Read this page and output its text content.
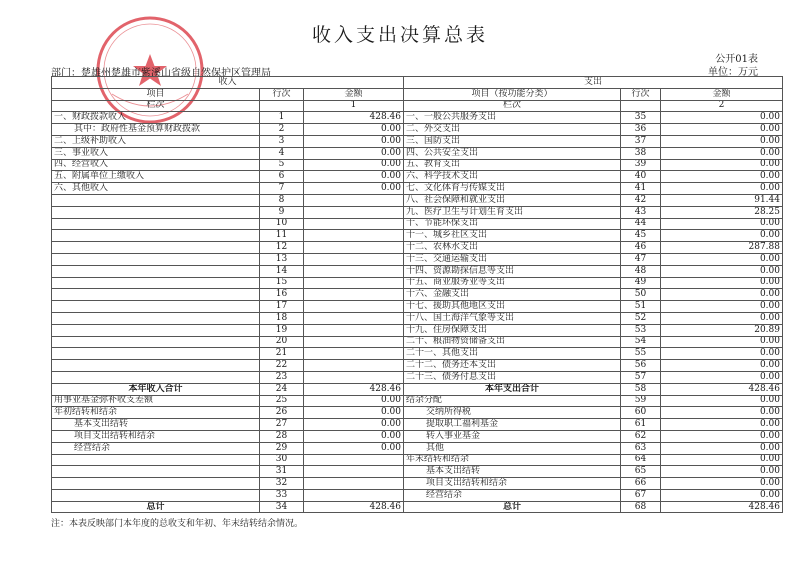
收入支出决算总表
公开01表
单位：万元
部门：楚雄州楚雄市紫溪山省级自然保护区管理局
收入			支出		
项目	行次	金额	项目（按功能分类）	行次	金额
栏次		1	栏次		2
一、财政拨款收入	1	428.46	一、一般公共服务支出	35	0.00
其中：政府性基金预算财政拨款	2	0.00	二、外交支出	36	0.00
二、上级补助收入	3	0.00	三、国防支出	37	0.00
三、事业收入	4	0.00	四、公共安全支出	38	0.00
四、经营收入	5	0.00	五、教育支出	39	0.00
五、附属单位上缴收入	6	0.00	六、科学技术支出	40	0.00
六、其他收入	7	0.00	七、文化体育与传媒支出	41	0.00
	8		八、社会保障和就业支出	42	91.44
	9		九、医疗卫生与计划生育支出	43	28.25
	10		十、节能环保支出	44	0.00
	11		十一、城乡社区支出	45	0.00
	12		十二、农林水支出	46	287.88
	13		十三、交通运输支出	47	0.00
	14		十四、资源勘探信息等支出	48	0.00
	15		十五、商业服务业等支出	49	0.00
	16		十六、金融支出	50	0.00
	17		十七、援助其他地区支出	51	0.00
	18		十八、国土海洋气象等支出	52	0.00
	19		十九、住房保障支出	53	20.89
	20		二十、粮油物资储备支出	54	0.00
	21		二十一、其他支出	55	0.00
	22		二十二、债务还本支出	56	0.00
	23		二十三、债务付息支出	57	0.00
本年收入合计	24	428.46	本年支出合计	58	428.46
用事业基金弥补收支差额	25	0.00	结余分配	59	0.00
年初结转和结余	26	0.00	交纳所得税	60	0.00
基本支出结转	27	0.00	提取职工福利基金	61	0.00
项目支出结转和结余	28	0.00	转入事业基金	62	0.00
经营结余	29	0.00	其他	63	0.00
	30		年末结转和结余	64	0.00
	31		基本支出结转	65	0.00
	32		项目支出结转和结余	66	0.00
	33		经营结余	67	0.00
总计	34	428.46	总计	68	428.46
注：本表反映部门本年度的总收支和年初、年末结转结余情况。
